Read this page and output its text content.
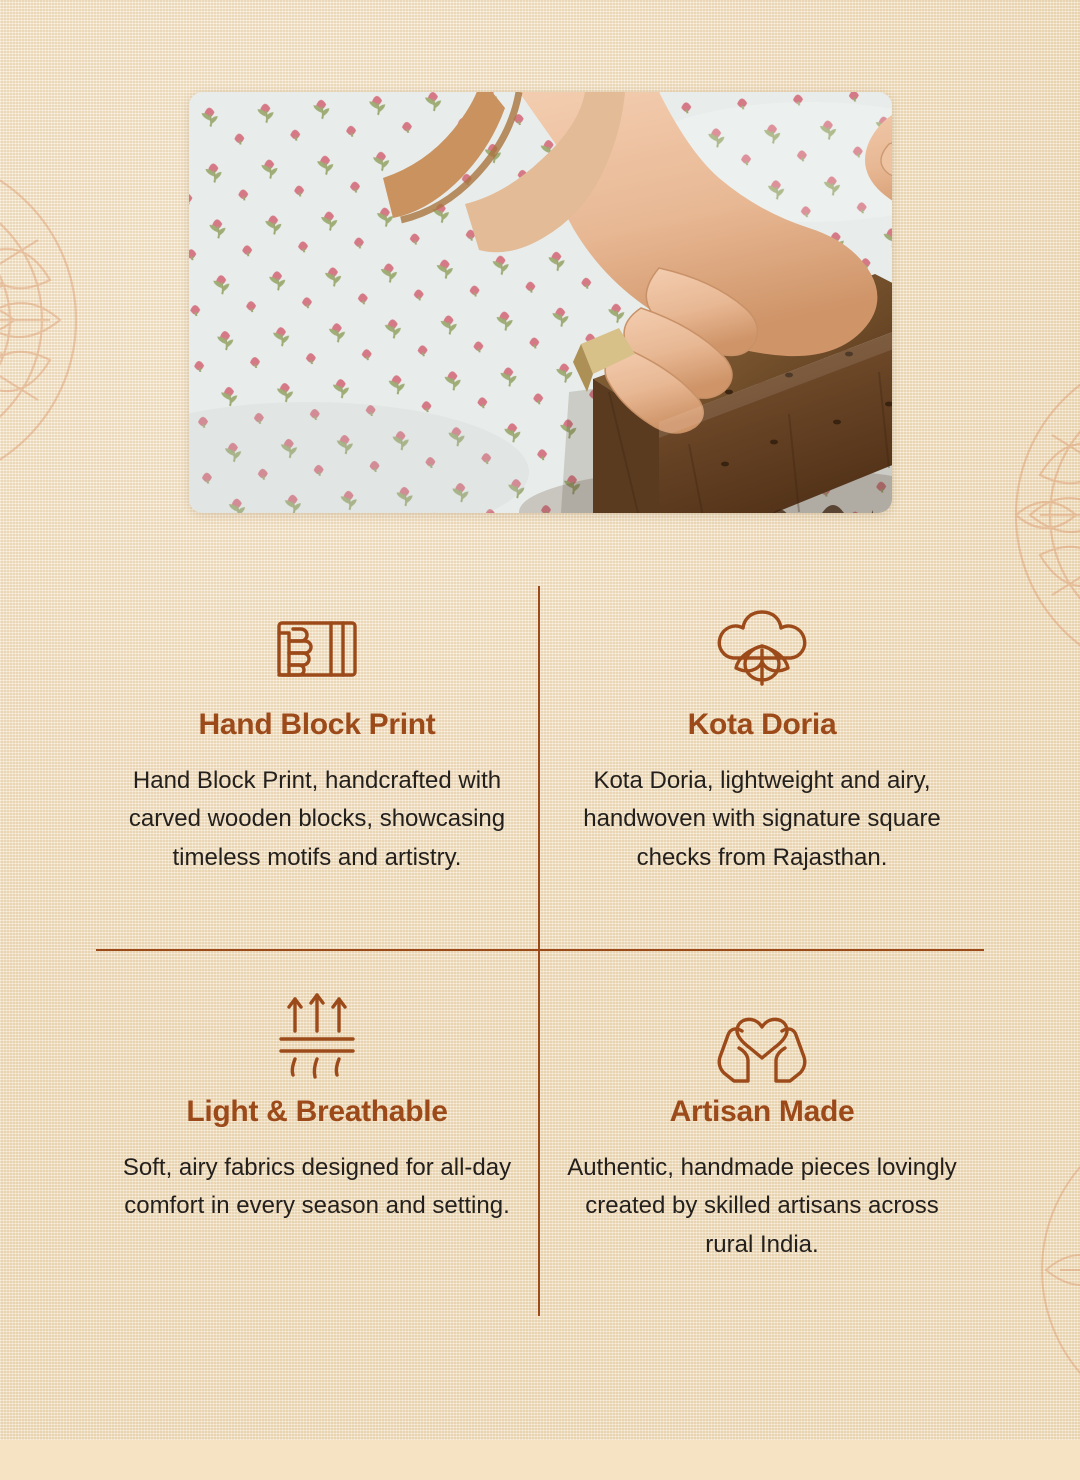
Hand Block Print
Hand Block Print, handcrafted with carved wooden blocks, showcasing timeless motifs and artistry.
Kota Doria
Kota Doria, lightweight and airy, handwoven with signature square checks from Rajasthan.
Light & Breathable
Soft, airy fabrics designed for all-day comfort in every season and setting.
Artisan Made
Authentic, handmade pieces lovingly created by skilled artisans across rural India.
